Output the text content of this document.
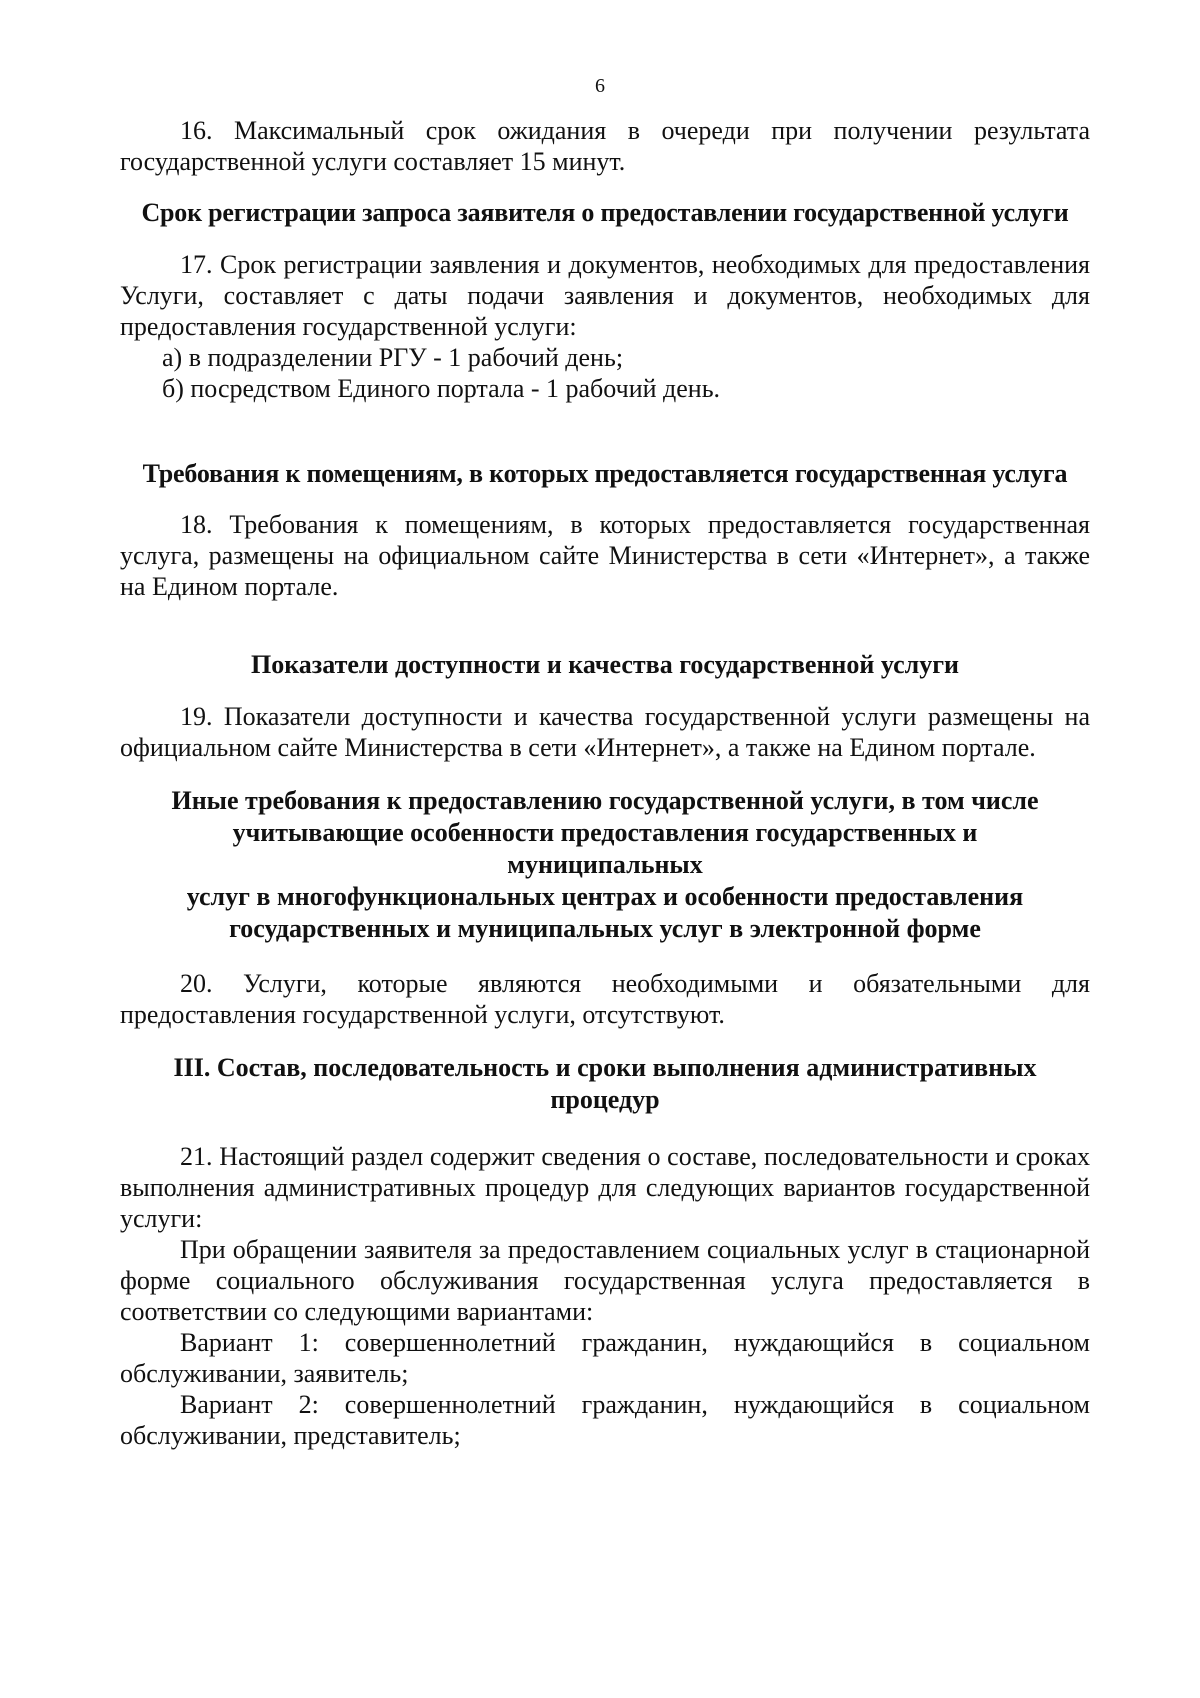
6

16. Максимальный срок ожидания в очереди при получении результата государственной услуги составляет 15 минут.

Срок регистрации запроса заявителя о предоставлении государственной услуги

17. Срок регистрации заявления и документов, необходимых для предоставления Услуги, составляет с даты подачи заявления и документов, необходимых для предоставления государственной услуги:

а) в подразделении РГУ - 1 рабочий день;

б) посредством Единого портала - 1 рабочий день.

Требования к помещениям, в которых предоставляется государственная услуга

18. Требования к помещениям, в которых предоставляется государственная услуга, размещены на официальном сайте Министерства в сети «Интернет», а также на Едином портале.

Показатели доступности и качества государственной услуги

19. Показатели доступности и качества государственной услуги размещены на официальном сайте Министерства в сети «Интернет», а также на Едином портале.

Иные требования к предоставлению государственной услуги, в том числе

учитывающие особенности предоставления государственных и

муниципальных

услуг в многофункциональных центрах и особенности предоставления

государственных и муниципальных услуг в электронной форме

20. Услуги, которые являются необходимыми и обязательными для предоставления государственной услуги, отсутствуют.

III. Состав, последовательность и сроки выполнения административных

процедур

21. Настоящий раздел содержит сведения о составе, последовательности и сроках выполнения административных процедур для следующих вариантов государственной услуги:

При обращении заявителя за предоставлением социальных услуг в стационарной форме социального обслуживания государственная услуга предоставляется в соответствии со следующими вариантами:

Вариант 1: совершеннолетний гражданин, нуждающийся в социальном обслуживании, заявитель;

Вариант 2: совершеннолетний гражданин, нуждающийся в социальном обслуживании, представитель;
